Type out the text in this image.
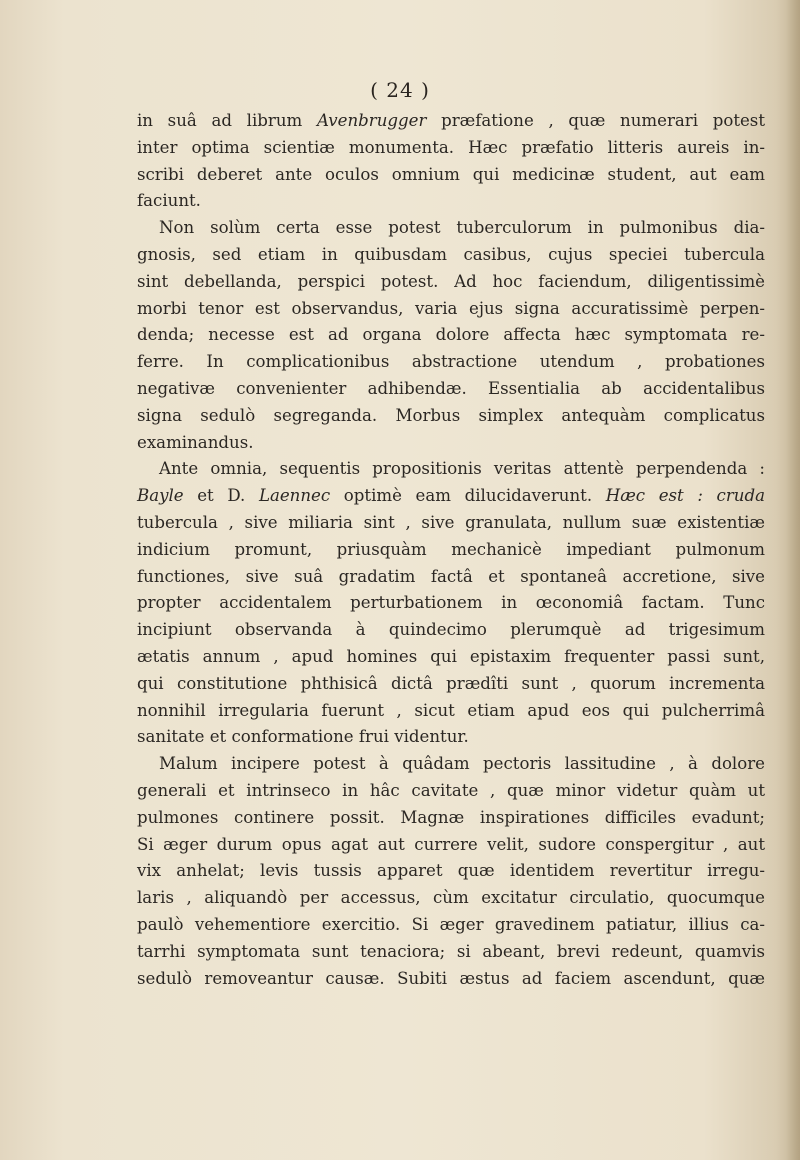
( 24 )
in suâ ad librum Avenbrugger præfatione , quæ numerari potest
inter optima scientiæ monumenta. Hæc præfatio litteris aureis in-
scribi deberet ante oculos omnium qui medicinæ student, aut eam
faciunt.
Non solùm certa esse potest tuberculorum in pulmonibus dia-
gnosis, sed etiam in quibusdam casibus, cujus speciei tubercula
sint debellanda, perspici potest. Ad hoc faciendum, diligentissimè
morbi tenor est observandus, varia ejus signa accuratissimè perpen-
denda; necesse est ad organa dolore affecta hæc symptomata re-
ferre. In complicationibus abstractione utendum , probationes
negativæ convenienter adhibendæ. Essentialia ab accidentalibus
signa sedulò segreganda. Morbus simplex antequàm complicatus
examinandus.
Ante omnia, sequentis propositionis veritas attentè perpendenda :
Bayle et D. Laennec optimè eam dilucidaverunt. Hæc est : cruda
tubercula , sive miliaria sint , sive granulata, nullum suæ existentiæ
indicium promunt, priusquàm mechanicè impediant pulmonum
functiones, sive suâ gradatim factâ et spontaneâ accretione, sive
propter accidentalem perturbationem in œconomiâ factam. Tunc
incipiunt observanda à quindecimo plerumquè ad trigesimum
ætatis annum , apud homines qui epistaxim frequenter passi sunt,
qui constitutione phthisicâ dictâ prædîti sunt , quorum incrementa
nonnihil irregularia fuerunt , sicut etiam apud eos qui pulcherrimâ
sanitate et conformatione frui videntur.
Malum incipere potest à quâdam pectoris lassitudine , à dolore
generali et intrinseco in hâc cavitate , quæ minor videtur quàm ut
pulmones continere possit. Magnæ inspirationes difficiles evadunt;
Si æger durum opus agat aut currere velit, sudore conspergitur , aut
vix anhelat; levis tussis apparet quæ identidem revertitur irregu-
laris , aliquandò per accessus, cùm excitatur circulatio, quocumque
paulò vehementiore exercitio. Si æger gravedinem patiatur, illius ca-
tarrhi symptomata sunt tenaciora; si abeant, brevi redeunt, quamvis
sedulò removeantur causæ. Subiti æstus ad faciem ascendunt, quæ
